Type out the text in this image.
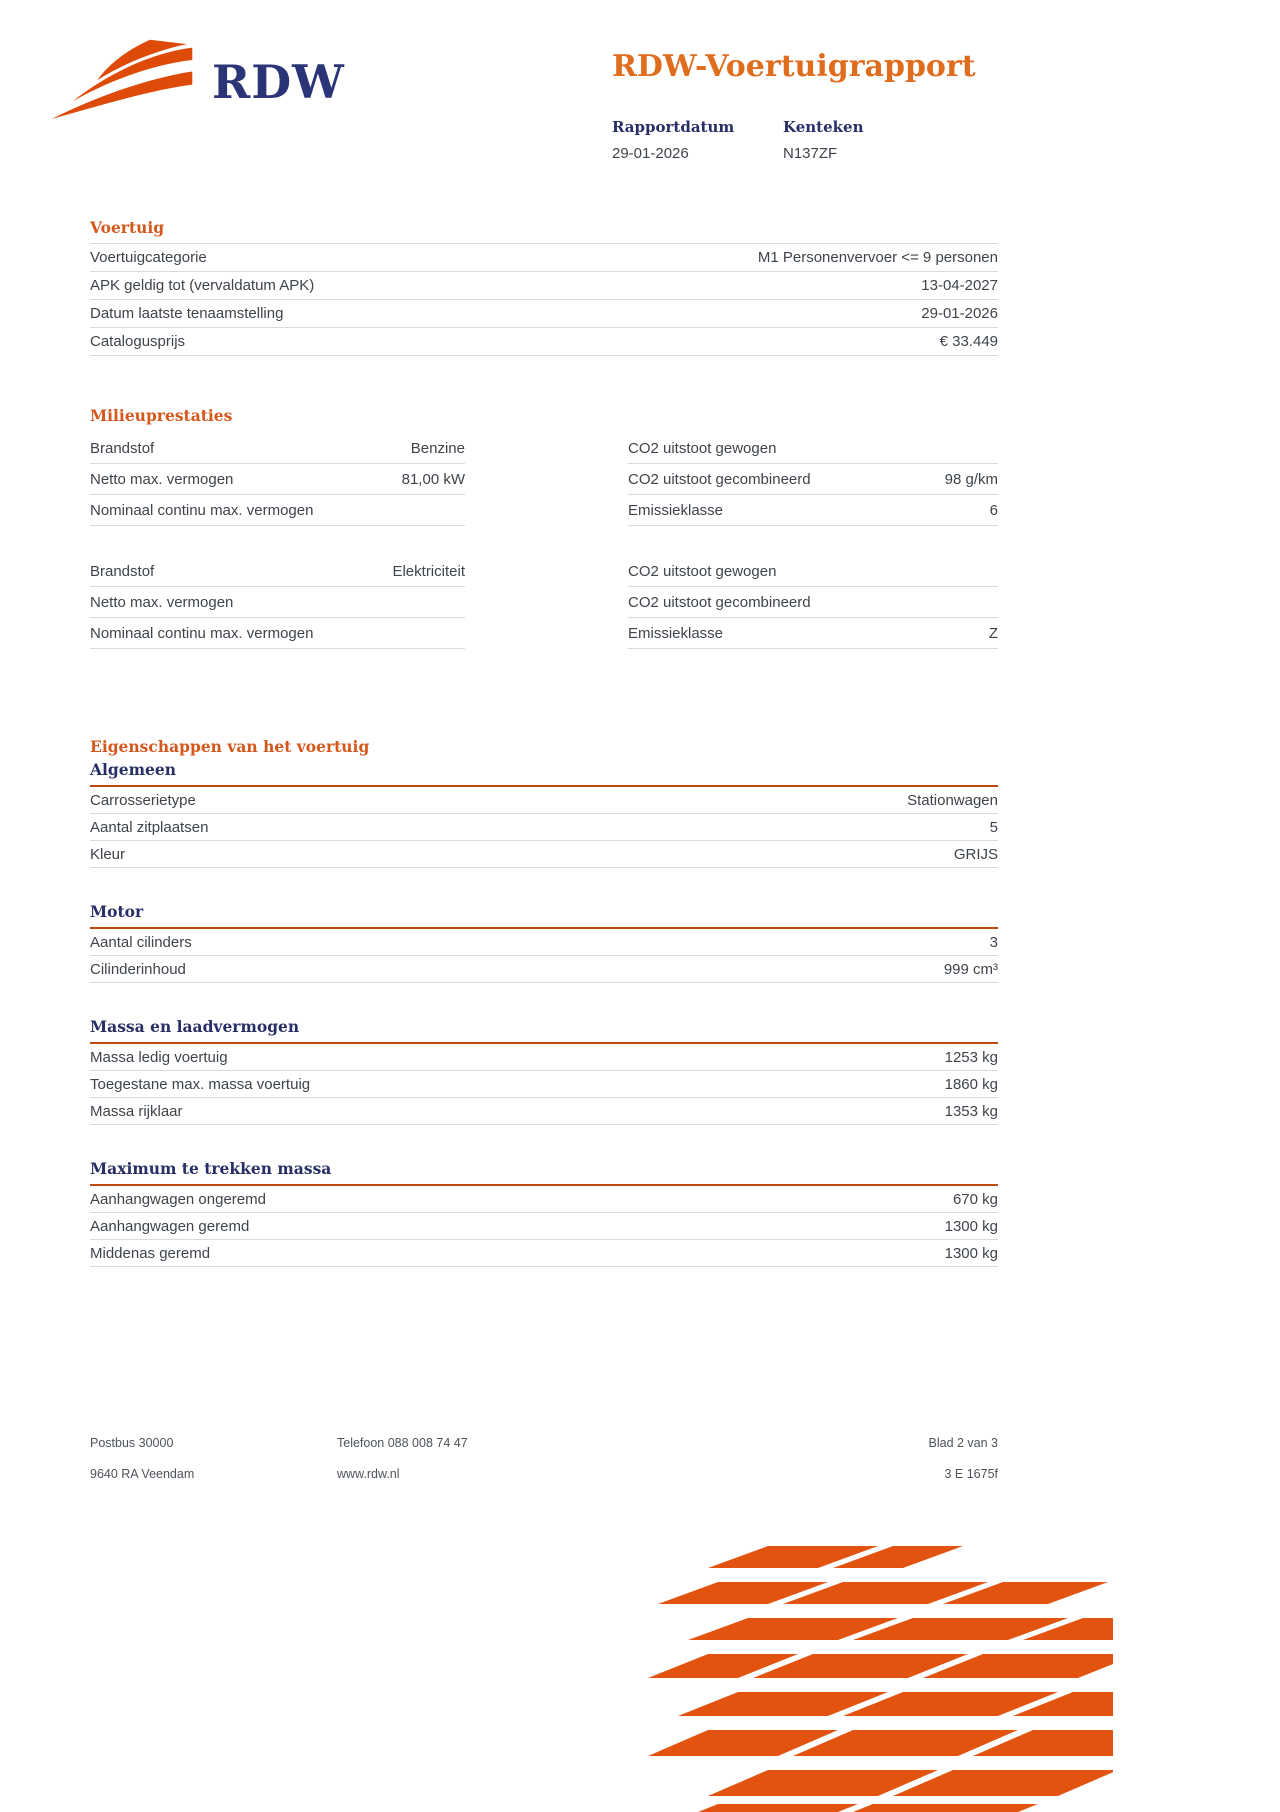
RDW	RDW-Voertuigrapport
Rapportdatum
29-01-2026
Kenteken
N137ZF
Voertuig
Voertuigcategorie	M1 Personenvervoer <= 9 personen
APK geldig tot (vervaldatum APK)	13-04-2027
Datum laatste tenaamstelling	29-01-2026
Catalogusprijs	€ 33.449
Milieuprestaties
Brandstof	Benzine
Netto max. vermogen	81,00 kW
Nominaal continu max. vermogen
CO2 uitstoot gewogen
CO2 uitstoot gecombineerd	98 g/km
Emissieklasse	6
Brandstof	Elektriciteit
Netto max. vermogen
Nominaal continu max. vermogen
CO2 uitstoot gewogen
CO2 uitstoot gecombineerd
Emissieklasse	Z
Eigenschappen van het voertuig
Algemeen
Carrosserietype	Stationwagen
Aantal zitplaatsen	5
Kleur	GRIJS
Motor
Aantal cilinders	3
Cilinderinhoud	999 cm³
Massa en laadvermogen
Massa ledig voertuig	1253 kg
Toegestane max. massa voertuig	1860 kg
Massa rijklaar	1353 kg
Maximum te trekken massa
Aanhangwagen ongeremd	670 kg
Aanhangwagen geremd	1300 kg
Middenas geremd	1300 kg
Postbus 30000
9640 RA Veendam
Telefoon 088 008 74 47
www.rdw.nl
Blad 2 van 3
3 E 1675f
